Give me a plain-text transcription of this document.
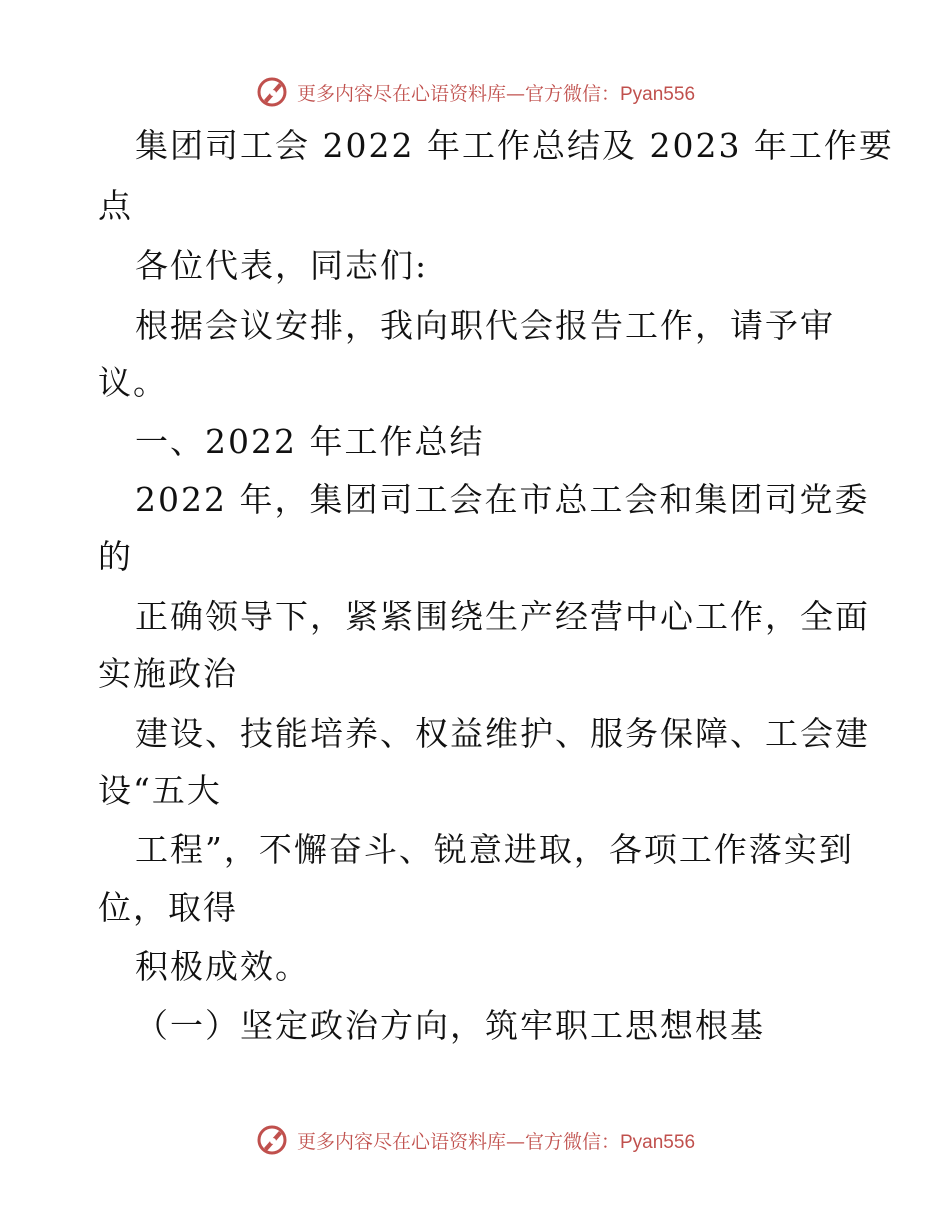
更多内容尽在心语资料库—官方微信：Pyan556
集团司工会 2022 年工作总结及 2023 年工作要
点
各位代表，同志们:
根据会议安排，我向职代会报告工作，请予审
议。
一、2022 年工作总结
2022 年，集团司工会在市总工会和集团司党委
的
正确领导下，紧紧围绕生产经营中心工作，全面
实施政治
建设、技能培养、权益维护、服务保障、工会建
设“五大
工程”，不懈奋斗、锐意进取，各项工作落实到
位，取得
积极成效。
（一）坚定政治方向，筑牢职工思想根基
更多内容尽在心语资料库—官方微信：Pyan556
